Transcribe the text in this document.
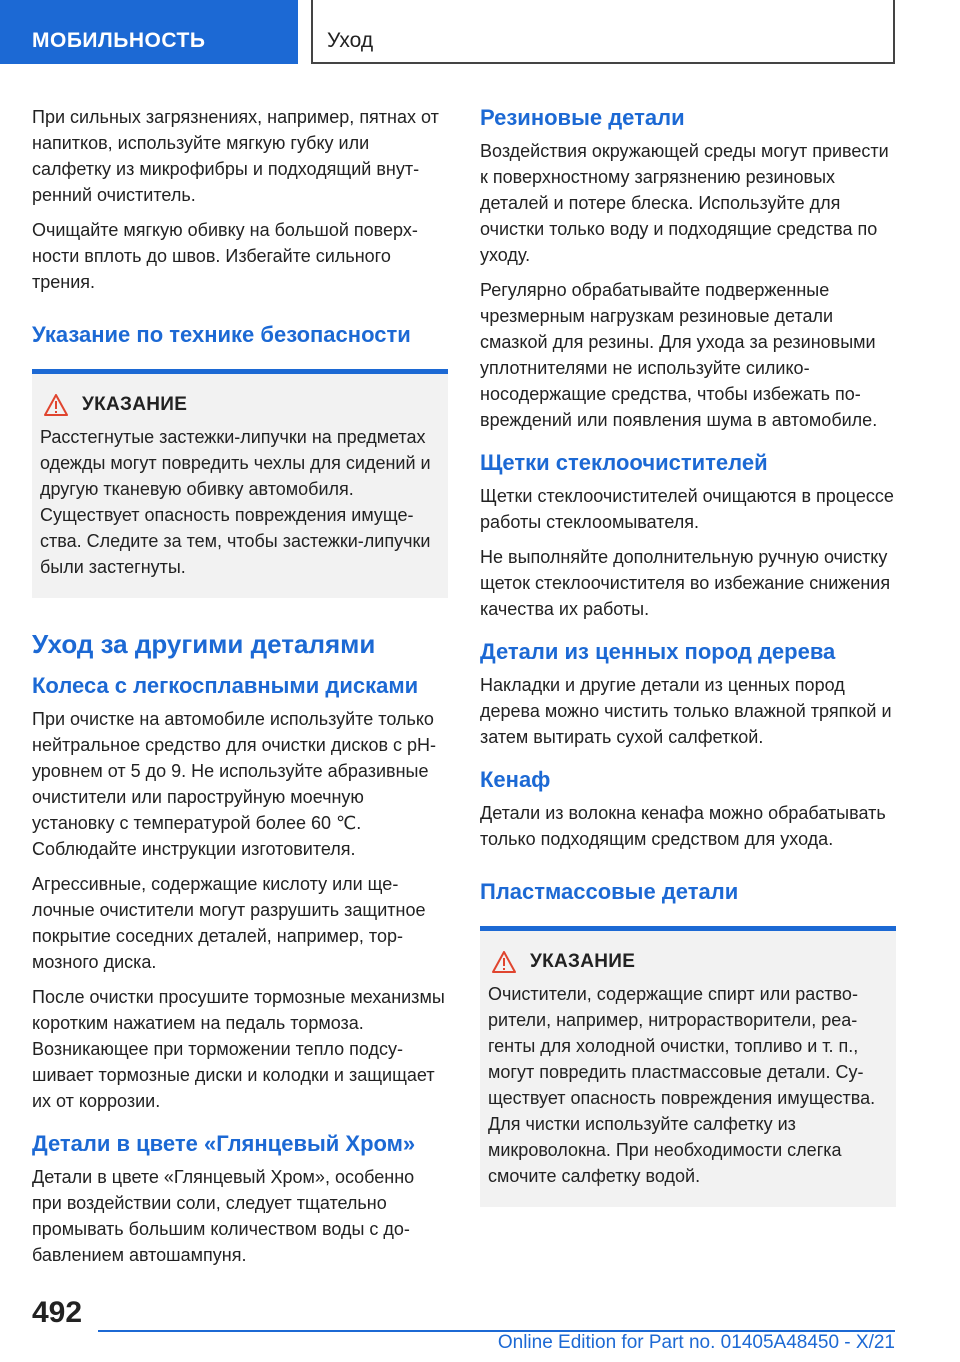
МОБИЛЬНОСТЬ	Уход

При сильных загрязнениях, например, пятнах от напитков, используйте мягкую губку или салфетку из микрофибры и подходящий внутренний очиститель.

Очищайте мягкую обивку на большой поверхности вплоть до швов. Избегайте сильного трения.

Указание по технике безопасности
УКАЗАНИЕ

Расстегнутые застежки-липучки на предметах одежды могут повредить чехлы для сидений и другую тканевую обивку автомобиля. Существует опасность повреждения имущества. Следите за тем, чтобы застежки-липучки были застегнуты.

Уход за другими деталями
Колеса с легкосплавными дисками

При очистке на автомобиле используйте только нейтральное средство для очистки дисков с pH-уровнем от 5 до 9. Не используйте абразивные очистители или пароструйную моечную установку с температурой более 60 ℃. Соблюдайте инструкции изготовителя.

Агрессивные, содержащие кислоту или щелочные очистители могут разрушить защитное покрытие соседних деталей, например, тормозного диска.

После очистки просушите тормозные механизмы коротким нажатием на педаль тормоза. Возникающее при торможении тепло подсушивает тормозные диски и колодки и защищает их от коррозии.

Детали в цвете «Глянцевый Хром»

Детали в цвете «Глянцевый Хром», особенно при воздействии соли, следует тщательно промывать большим количеством воды с добавлением автошампуня.

Резиновые детали

Воздействия окружающей среды могут привести к поверхностному загрязнению резиновых деталей и потере блеска. Используйте для очистки только воду и подходящие средства по уходу.

Регулярно обрабатывайте подверженные чрезмерным нагрузкам резиновые детали смазкой для резины. Для ухода за резиновыми уплотнителями не используйте силиконосодержащие средства, чтобы избежать повреждений или появления шума в автомобиле.

Щетки стеклоочистителей

Щетки стеклоочистителей очищаются в процессе работы стеклоомывателя.

Не выполняйте дополнительную ручную очистку щеток стеклоочистителя во избежание снижения качества их работы.

Детали из ценных пород дерева

Накладки и другие детали из ценных пород дерева можно чистить только влажной тряпкой и затем вытирать сухой салфеткой.

Кенаф

Детали из волокна кенафа можно обрабатывать только подходящим средством для ухода.

Пластмассовые детали
УКАЗАНИЕ

Очистители, содержащие спирт или растворители, например, нитрорастворители, реагенты для холодной очистки, топливо и т. п., могут повредить пластмассовые детали. Существует опасность повреждения имущества. Для чистки используйте салфетку из микроволокна. При необходимости слегка смочите салфетку водой.

492
Online Edition for Part no. 01405A48450 - X/21
